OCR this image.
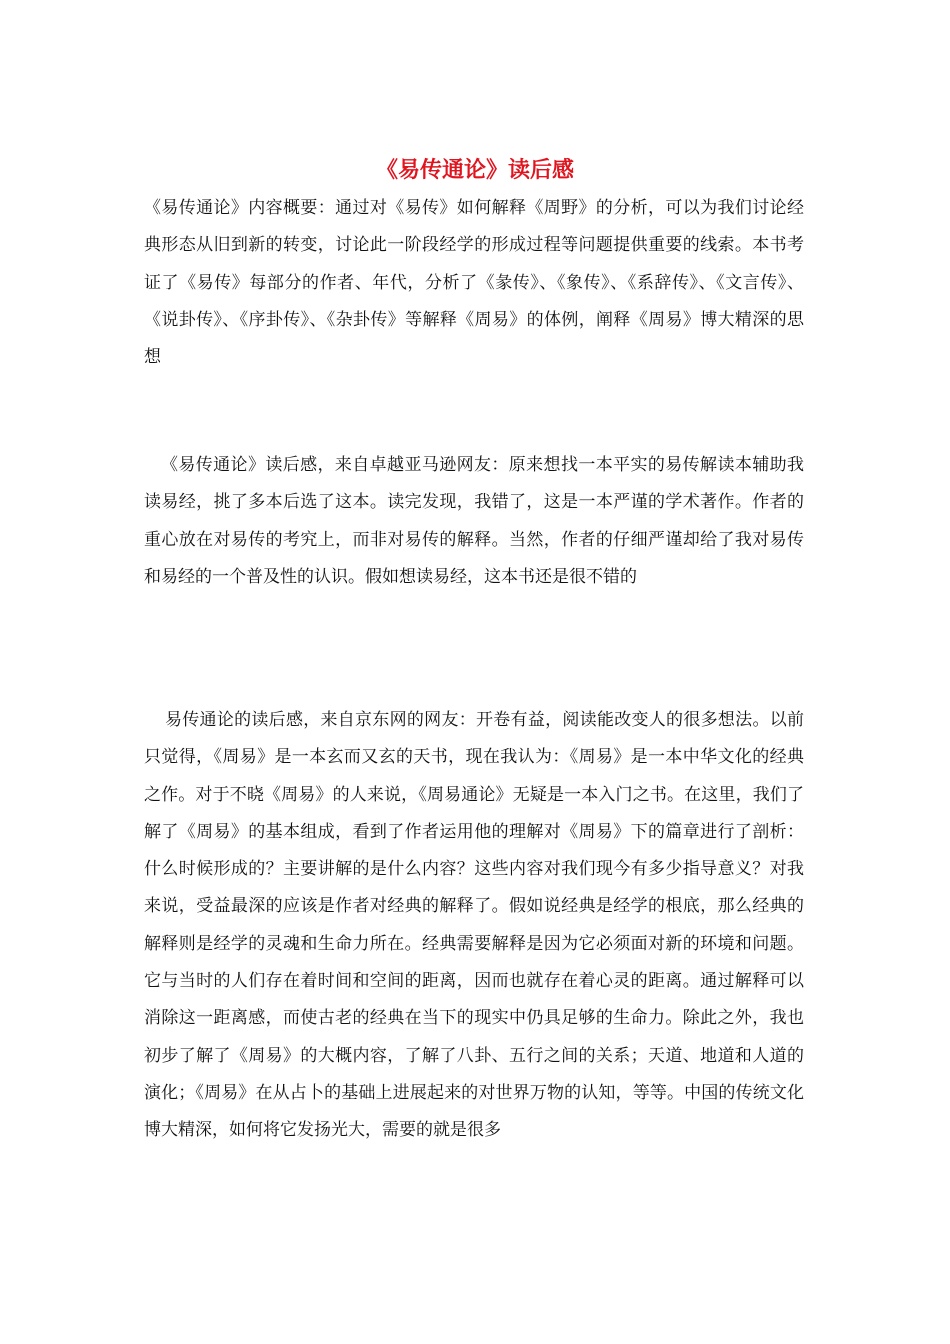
《易传通论》读后感

《易传通论》内容概要：通过对《易传》如何解释《周野》的分析，可以为我们讨论经典形态从旧到新的转变，讨论此一阶段经学的形成过程等问题提供重要的线索。本书考证了《易传》每部分的作者、年代，分析了《彖传》、《象传》、《系辞传》、《文言传》、《说卦传》、《序卦传》、《杂卦传》等解释《周易》的体例，阐释《周易》博大精深的思想

《易传通论》读后感，来自卓越亚马逊网友：原来想找一本平实的易传解读本辅助我读易经，挑了多本后选了这本。读完发现，我错了，这是一本严谨的学术著作。作者的重心放在对易传的考究上，而非对易传的解释。当然，作者的仔细严谨却给了我对易传和易经的一个普及性的认识。假如想读易经，这本书还是很不错的

易传通论的读后感，来自京东网的网友：开卷有益，阅读能改变人的很多想法。以前只觉得，《周易》是一本玄而又玄的天书，现在我认为：《周易》是一本中华文化的经典之作。对于不晓《周易》的人来说，《周易通论》无疑是一本入门之书。在这里，我们了解了《周易》的基本组成，看到了作者运用他的理解对《周易》下的篇章进行了剖析：什么时候形成的？主要讲解的是什么内容？这些内容对我们现今有多少指导意义？对我来说，受益最深的应该是作者对经典的解释了。假如说经典是经学的根底，那么经典的解释则是经学的灵魂和生命力所在。经典需要解释是因为它必须面对新的环境和问题。它与当时的人们存在着时间和空间的距离，因而也就存在着心灵的距离。通过解释可以消除这一距离感，而使古老的经典在当下的现实中仍具足够的生命力。除此之外，我也初步了解了《周易》的大概内容，了解了八卦、五行之间的关系；天道、地道和人道的演化；《周易》在从占卜的基础上进展起来的对世界万物的认知，等等。中国的传统文化博大精深，如何将它发扬光大，需要的就是很多
